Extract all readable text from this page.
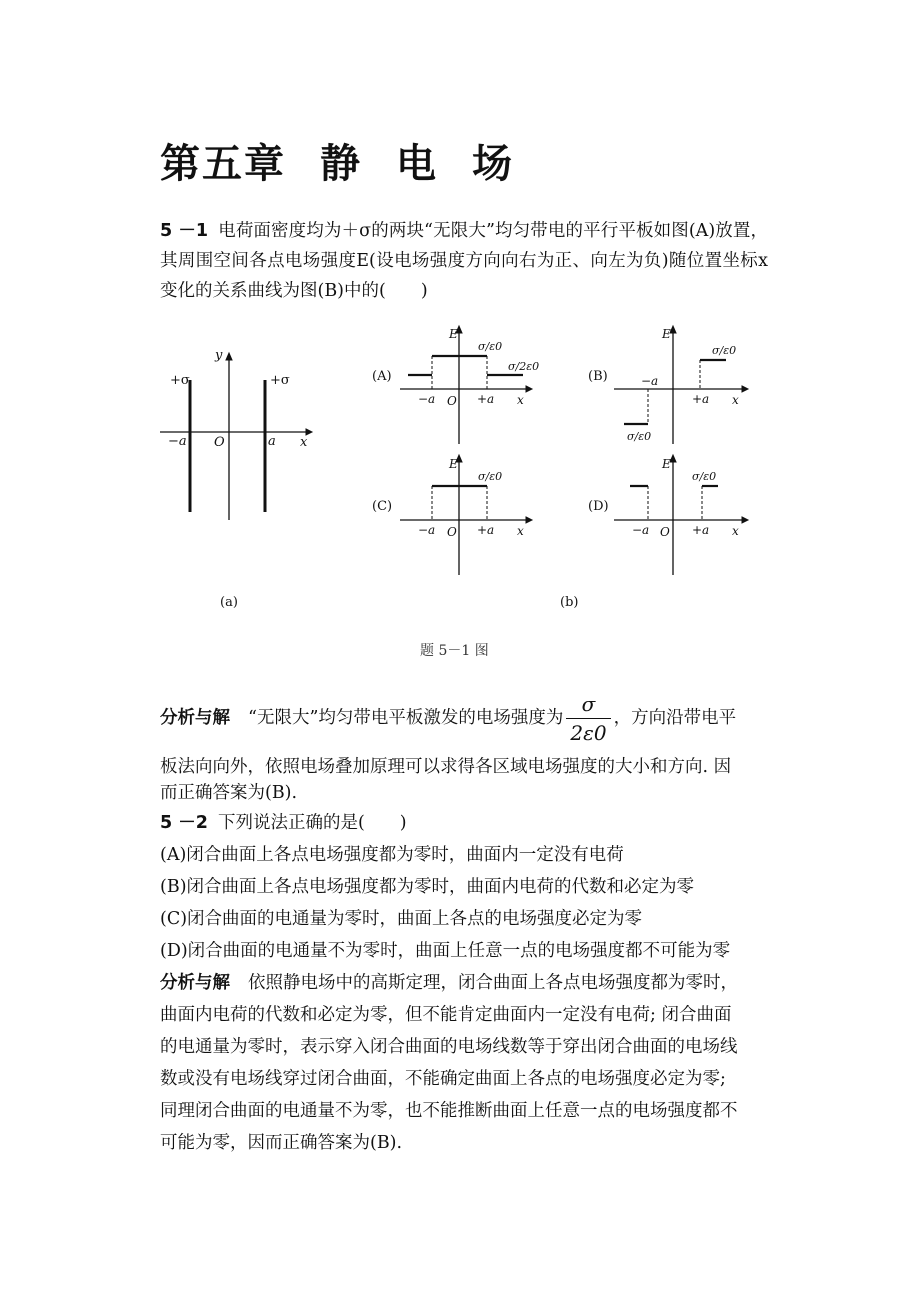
第五章 静 电 场

5 －1 电荷面密度均为＋σ的两块“无限大”均匀带电的平行平板如图(A)放置，其周围空间各点电场强度E(设电场强度方向向右为正、向左为负)随位置坐标x 变化的关系曲线为图(B)中的(　　)

+σ	+σ
y
x
O
−a	a
(a)
(A)
E
σ/ε0
σ/2ε0
−a O +a x
(B)
E
σ/ε0
σ/ε0
−a
+a x
(C)
E
σ/ε0
−a O +a x
(D)
E
σ/ε0
−a O +a x
(b)
题 5－1 图

分析与解 “无限大”均匀带电平板激发的电场强度为 $\frac{\sigma}{2\varepsilon 0}$ ，方向沿带电平

板法向向外，依照电场叠加原理可以求得各区域电场强度的大小和方向. 因

而正确答案为(B).

5 －2 下列说法正确的是(　　)

(A)闭合曲面上各点电场强度都为零时，曲面内一定没有电荷

(B)闭合曲面上各点电场强度都为零时，曲面内电荷的代数和必定为零

(C)闭合曲面的电通量为零时，曲面上各点的电场强度必定为零

(D)闭合曲面的电通量不为零时，曲面上任意一点的电场强度都不可能为零

分析与解 依照静电场中的高斯定理，闭合曲面上各点电场强度都为零时，

曲面内电荷的代数和必定为零，但不能肯定曲面内一定没有电荷; 闭合曲面

的电通量为零时，表示穿入闭合曲面的电场线数等于穿出闭合曲面的电场线

数或没有电场线穿过闭合曲面，不能确定曲面上各点的电场强度必定为零;

同理闭合曲面的电通量不为零，也不能推断曲面上任意一点的电场强度都不

可能为零，因而正确答案为(B).
